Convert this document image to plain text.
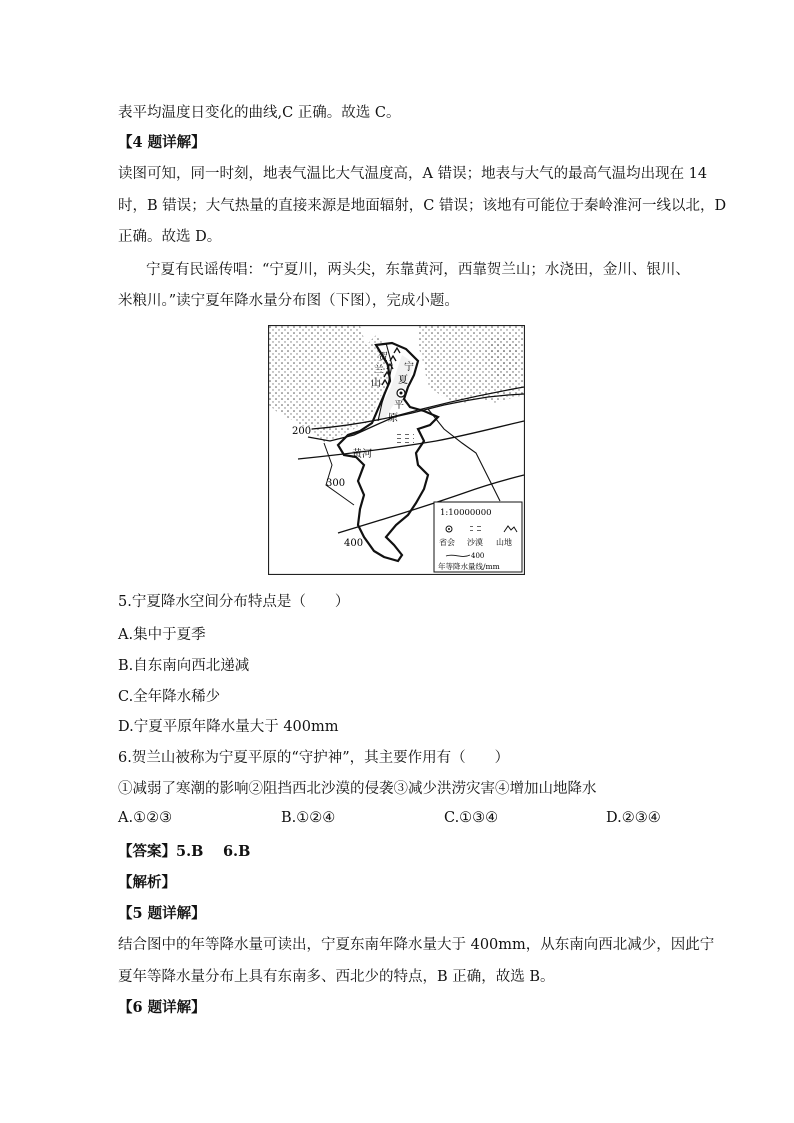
表平均温度日变化的曲线,C 正确。故选 C。
【4 题详解】
读图可知，同一时刻，地表气温比大气温度高，A 错误；地表与大气的最高气温均出现在 14
时，B 错误；大气热量的直接来源是地面辐射，C 错误；该地有可能位于秦岭淮河一线以北，D
正确。故选 D。
宁夏有民谣传唱：“宁夏川，两头尖，东靠黄河，西靠贺兰山；水浇田，金川、银川、
米粮川。”读宁夏年降水量分布图（下图），完成小题。
贺
兰
山
宁
夏
平
原
黄河
200
300
400
1:10000000
省会 沙漠 山地
400
年等降水量线/mm
5.宁夏降水空间分布特点是（　　）
A.集中于夏季
B.自东南向西北递减
C.全年降水稀少
D.宁夏平原年降水量大于 400mm
6.贺兰山被称为宁夏平原的“守护神”，其主要作用有（　　）
①减弱了寒潮的影响②阻挡西北沙漠的侵袭③减少洪涝灾害④增加山地降水
A.①②③	B.①②④	C.①③④	D.②③④
【答案】5.B　 6.B
【解析】
【5 题详解】
结合图中的年等降水量可读出，宁夏东南年降水量大于 400mm，从东南向西北减少，因此宁
夏年等降水量分布上具有东南多、西北少的特点，B 正确，故选 B。
【6 题详解】
